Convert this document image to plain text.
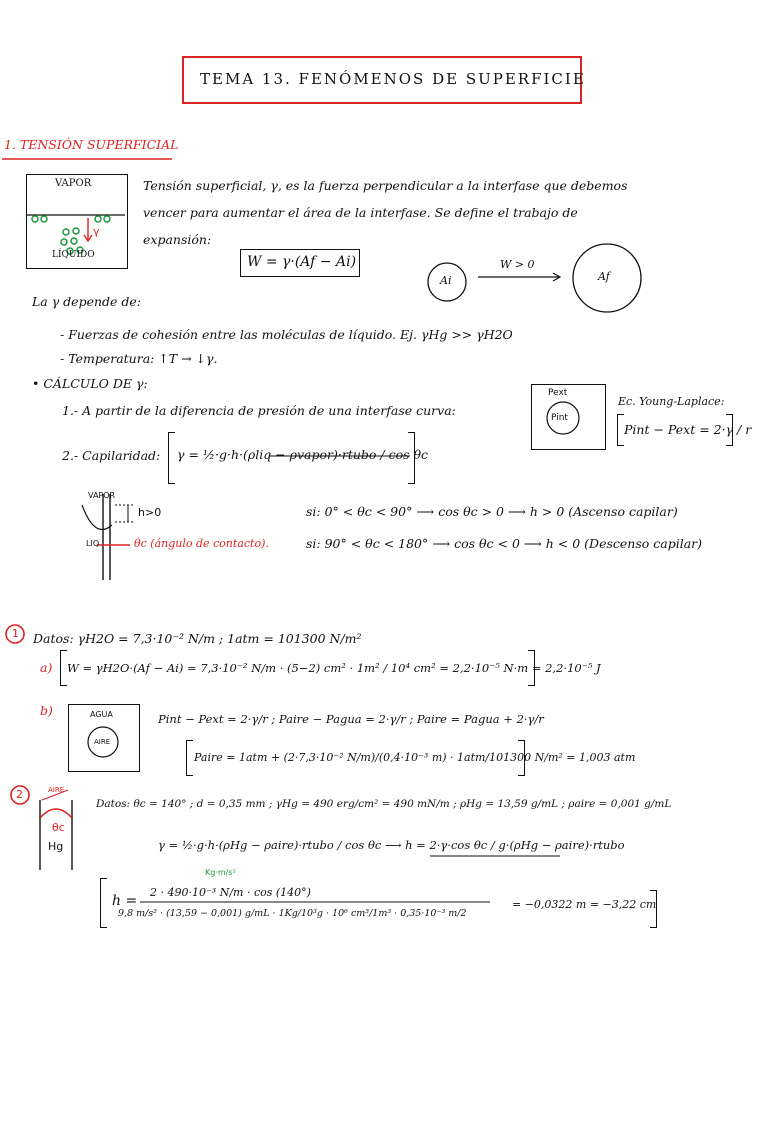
TEMA 13. FENÓMENOS DE SUPERFICIE
1. TENSIÓN SUPERFICIAL
VAPOR
LÍQUIDO
γ
Tensión superficial, γ, es la fuerza perpendicular a la interfase que debemos
vencer para aumentar el área de la interfase. Se define el trabajo de
expansión:
W = γ·(Af − Ai)
Ai
W > 0
Af
La γ depende de:
- Fuerzas de cohesión entre las moléculas de líquido. Ej. γHg >> γH2O
- Temperatura: ↑T → ↓γ.
• CÁLCULO DE γ:
1.- A partir de la diferencia de presión de una interfase curva:
2.- Capilaridad:
Pext
Pint
Ec. Young-Laplace:
Pint − Pext = 2·γ / r
γ = ½·g·h·(ρliq − ρvapor)·rtubo / cos θc
VAPOR
LIQ
h>0
θc (ángulo de contacto).
si: 0° < θc < 90° ⟶ cos θc > 0 ⟶ h > 0 (Ascenso capilar)
si: 90° < θc < 180° ⟶ cos θc < 0 ⟶ h < 0 (Descenso capilar)
1 Datos: γH2O = 7,3·10⁻² N/m ; 1atm = 101300 N/m²
a) W = γH2O·(Af − Ai) = 7,3·10⁻² N/m · (5−2) cm² · 1m² / 10⁴ cm² = 2,2·10⁻⁵ N·m = 2,2·10⁻⁵ J
b)	AGUA
AIRE
Pint − Pext = 2·γ/r ; Paire − Pagua = 2·γ/r ; Paire = Pagua + 2·γ/r
Paire = 1atm + (2·7,3·10⁻² N/m)/(0,4·10⁻³ m) · 1atm/101300 N/m² = 1,003 atm
2	AIRE
θc
Hg
Datos: θc = 140° ; d = 0,35 mm ; γHg = 490 erg/cm² = 490 mN/m ; ρHg = 13,59 g/mL ; ρaire = 0,001 g/mL
γ = ½·g·h·(ρHg − ρaire)·rtubo / cos θc ⟶ h = 2·γ·cos θc / g·(ρHg − ρaire)·rtubo
Kg·m/s²
h =
2 · 490·10⁻³ N/m · cos (140°)
9,8 m/s² · (13,59 − 0,001) g/mL · 1Kg/10³g · 10⁶ cm³/1m³ · 0,35·10⁻³ m/2
= −0,0322 m = −3,22 cm
